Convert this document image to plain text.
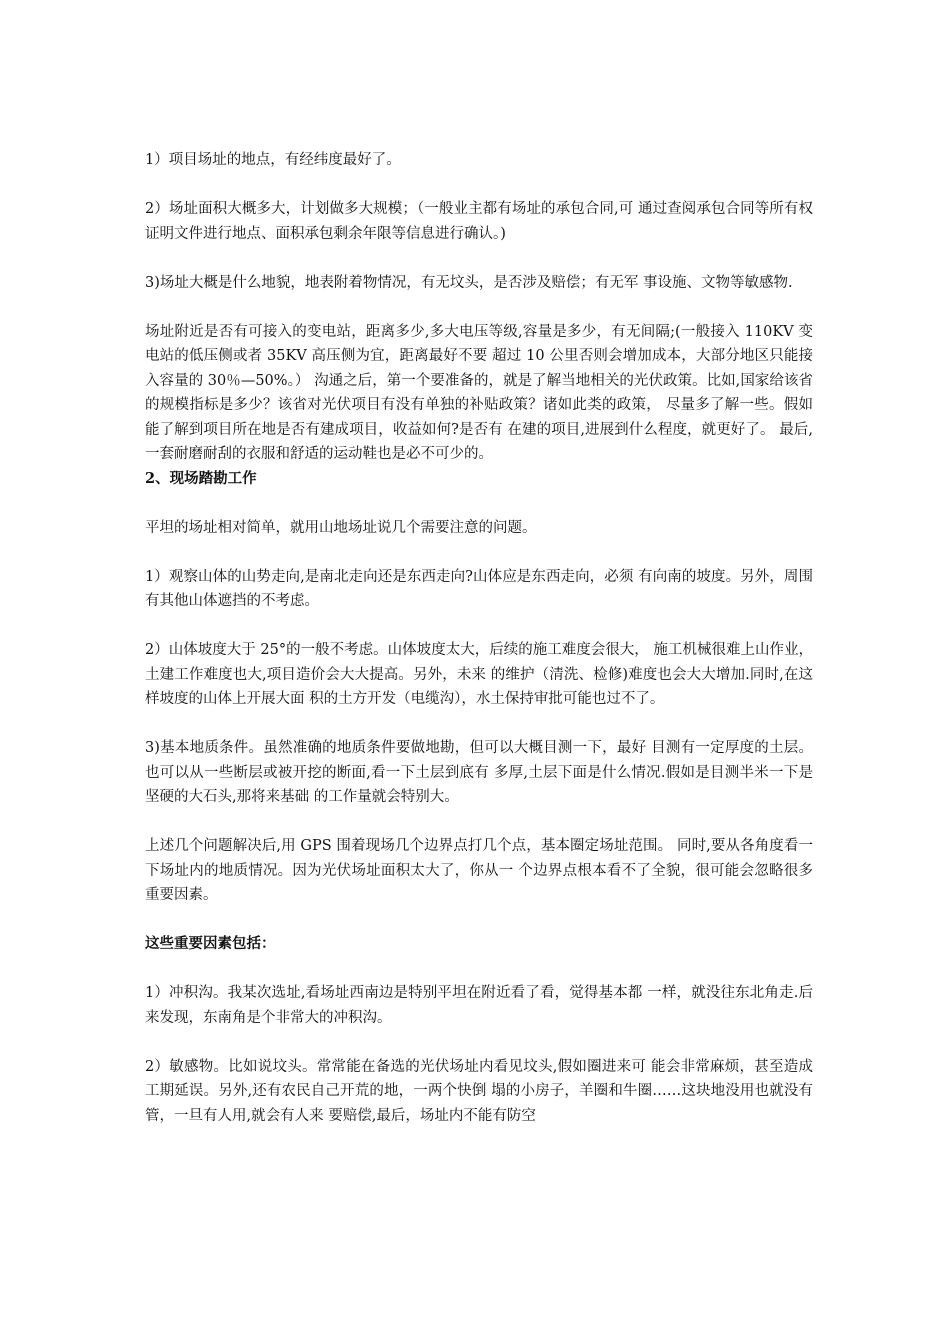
1）项目场址的地点，有经纬度最好了。

2）场址面积大概多大，计划做多大规模；（一般业主都有场址的承包合同,可 通过查阅承包合同等所有权证明文件进行地点、面积承包剩余年限等信息进行确认。)

3)场址大概是什么地貌，地表附着物情况，有无坟头，是否涉及赔偿；有无军 事设施、文物等敏感物.

场址附近是否有可接入的变电站，距离多少,多大电压等级,容量是多少，有无间隔;(一般接入 110KV 变电站的低压侧或者 35KV 高压侧为宜，距离最好不要 超过 10 公里否则会增加成本，大部分地区只能接入容量的 30％—50%。） 沟通之后，第一个要准备的，就是了解当地相关的光伏政策。比如,国家给该省 的规模指标是多少？该省对光伏项目有没有单独的补贴政策？诸如此类的政策， 尽量多了解一些。假如能了解到项目所在地是否有建成项目，收益如何?是否有 在建的项目,进展到什么程度，就更好了。 最后,一套耐磨耐刮的衣服和舒适的运动鞋也是必不可少的。

2、现场踏勘工作

平坦的场址相对简单，就用山地场址说几个需要注意的问题。

1）观察山体的山势走向,是南北走向还是东西走向?山体应是东西走向，必须 有向南的坡度。另外，周围有其他山体遮挡的不考虑。

2）山体坡度大于 25°的一般不考虑。山体坡度太大，后续的施工难度会很大， 施工机械很难上山作业，土建工作难度也大,项目造价会大大提高。另外，未来 的维护（清洗、检修)难度也会大大增加.同时,在这样坡度的山体上开展大面 积的土方开发（电缆沟），水土保持审批可能也过不了。

3)基本地质条件。虽然准确的地质条件要做地勘，但可以大概目测一下，最好 目测有一定厚度的土层。也可以从一些断层或被开挖的断面,看一下土层到底有 多厚,土层下面是什么情况.假如是目测半米一下是坚硬的大石头,那将来基础 的工作量就会特别大。

上述几个问题解决后,用 GPS 围着现场几个边界点打几个点，基本圈定场址范围。 同时,要从各角度看一下场址内的地质情况。因为光伏场址面积太大了，你从一 个边界点根本看不了全貌，很可能会忽略很多重要因素。

这些重要因素包括：

1）冲积沟。我某次选址,看场址西南边是特别平坦在附近看了看，觉得基本都 一样，就没往东北角走.后来发现，东南角是个非常大的冲积沟。

2）敏感物。比如说坟头。常常能在备选的光伏场址内看见坟头,假如圈进来可 能会非常麻烦，甚至造成工期延误。另外,还有农民自己开荒的地，一两个快倒 塌的小房子，羊圈和牛圈……这块地没用也就没有管，一旦有人用,就会有人来 要赔偿,最后，场址内不能有防空
